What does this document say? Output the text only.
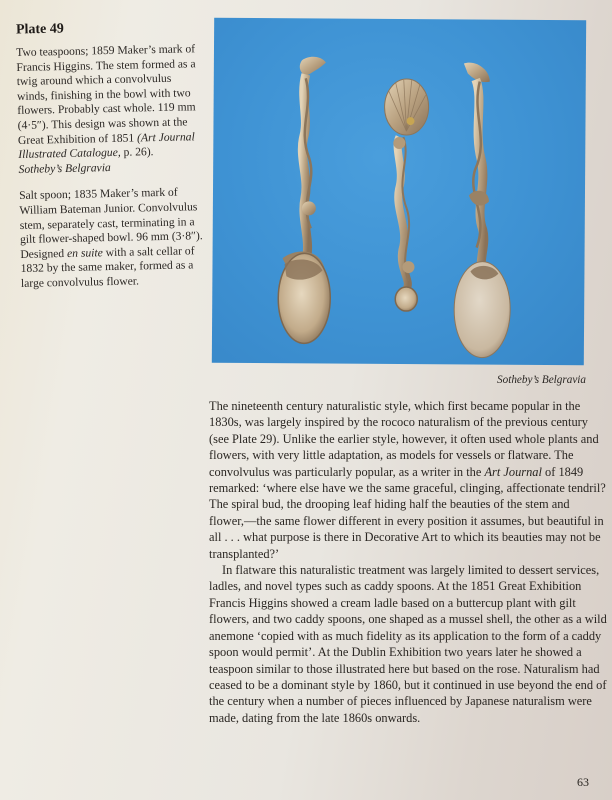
Plate 49

Two teaspoons; 1859 Maker’s mark of Francis Higgins. The stem formed as a twig around which a convolvulus winds, finishing in the bowl with two flowers. Probably cast whole. 119 mm (4·5″). This design was shown at the Great Exhibition of 1851 (Art Journal Illustrated Catalogue, p. 26).
Sotheby’s Belgravia

Salt spoon; 1835 Maker’s mark of William Bateman Junior. Convolvulus stem, separately cast, terminating in a gilt flower-shaped bowl. 96 mm (3·8″). Designed en suite with a salt cellar of 1832 by the same maker, formed as a large convolvulus flower.

Sotheby’s Belgravia

The nineteenth century naturalistic style, which first became popular in the 1830s, was largely inspired by the rococo naturalism of the previous century (see Plate 29). Unlike the earlier style, however, it often used whole plants and flowers, with very little adaptation, as models for vessels or flatware. The convolvulus was particularly popular, as a writer in the Art Journal of 1849 remarked: ‘where else have we the same graceful, clinging, affectionate tendril? The spiral bud, the drooping leaf hiding half the beauties of the stem and flower,—the same flower different in every position it assumes, but beautiful in all . . . what purpose is there in Decorative Art to which its beauties may not be transplanted?’

In flatware this naturalistic treatment was largely limited to dessert services, ladles, and novel types such as caddy spoons. At the 1851 Great Exhibition Francis Higgins showed a cream ladle based on a buttercup plant with gilt flowers, and two caddy spoons, one shaped as a mussel shell, the other as a wild anemone ‘copied with as much fidelity as its application to the form of a caddy spoon would permit’. At the Dublin Exhibition two years later he showed a teaspoon similar to those illustrated here but based on the rose. Naturalism had ceased to be a dominant style by 1860, but it continued in use beyond the end of the century when a number of pieces influenced by Japanese naturalism were made, dating from the late 1860s onwards.

63
